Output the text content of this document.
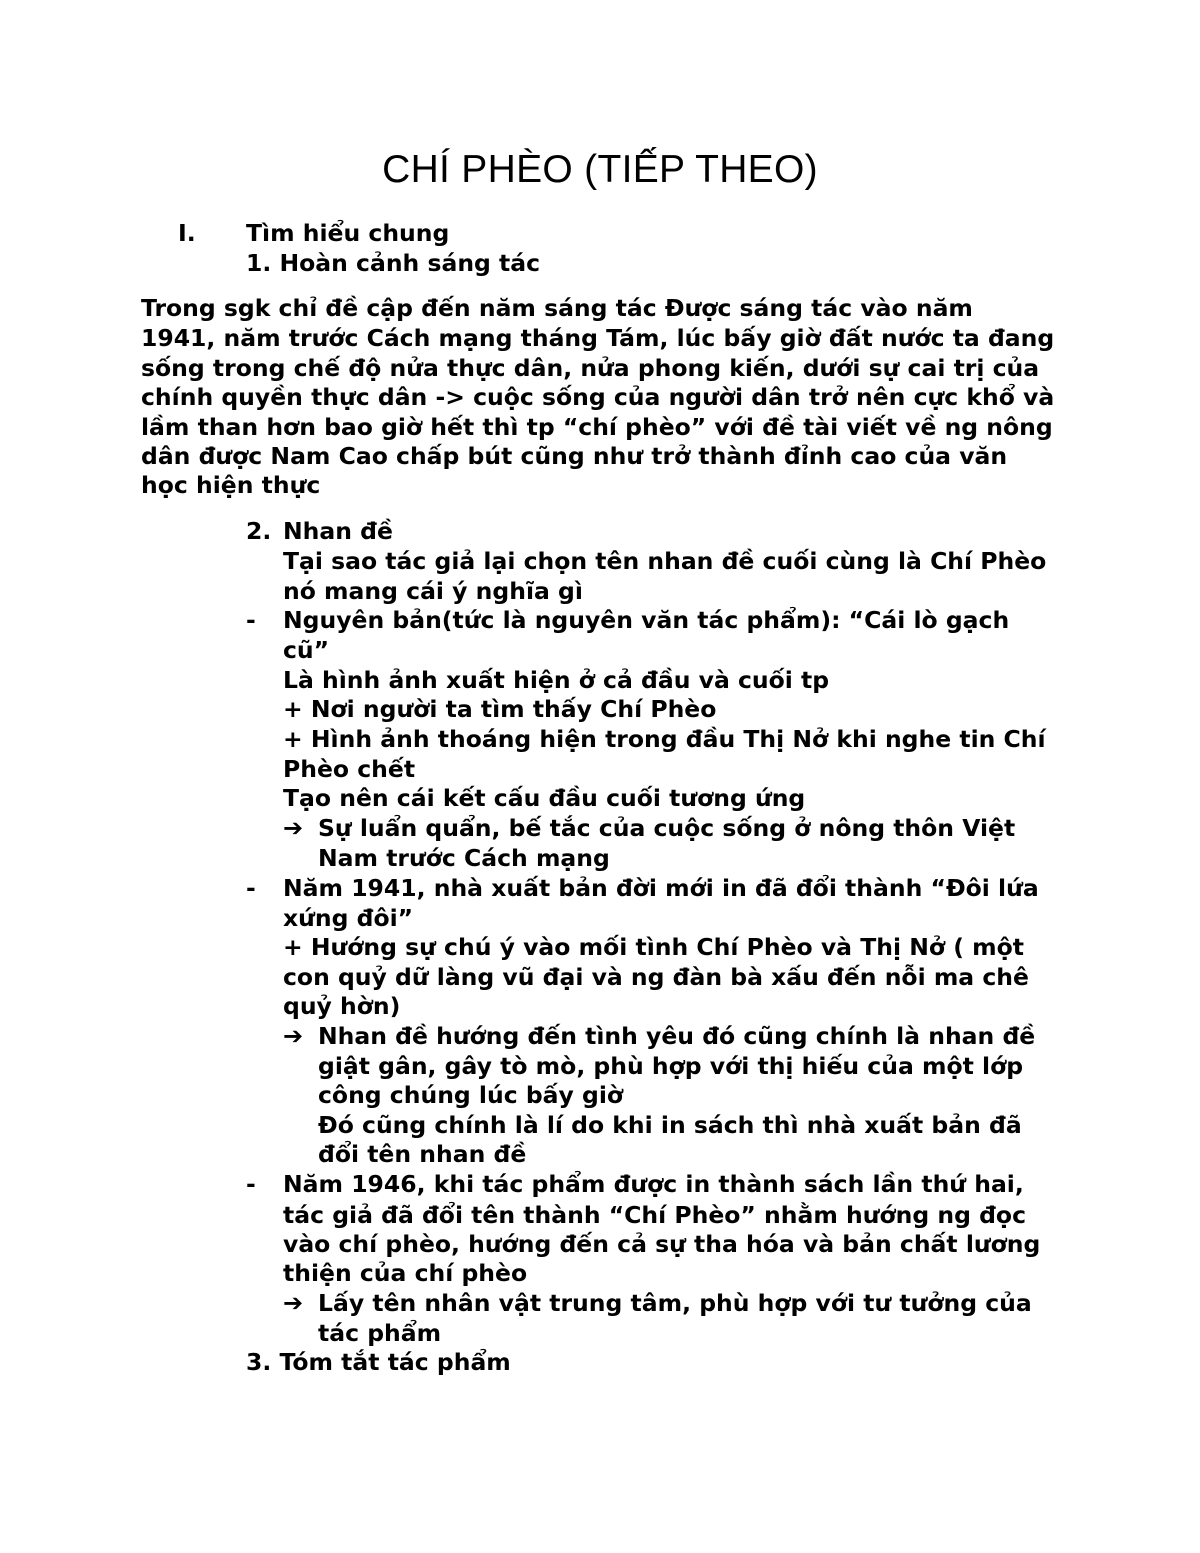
CHÍ PHÈO (TIẾP THEO)
I. Tìm hiểu chung
1. Hoàn cảnh sáng tác
Trong sgk chỉ đề cập đến năm sáng tác Được sáng tác vào năm
1941, năm trước Cách mạng tháng Tám, lúc bấy giờ đất nước ta đang
sống trong chế độ nửa thực dân, nửa phong kiến, dưới sự cai trị của
chính quyền thực dân -> cuộc sống của người dân trở nên cực khổ và
lầm than hơn bao giờ hết thì tp “chí phèo” với đề tài viết về ng nông
dân được Nam Cao chấp bút cũng như trở thành đỉnh cao của văn
học hiện thực
2. Nhan đề
Tại sao tác giả lại chọn tên nhan đề cuối cùng là Chí Phèo
nó mang cái ý nghĩa gì
- Nguyên bản(tức là nguyên văn tác phẩm): “Cái lò gạch
cũ”
Là hình ảnh xuất hiện ở cả đầu và cuối tp
+ Nơi người ta tìm thấy Chí Phèo
+ Hình ảnh thoáng hiện trong đầu Thị Nở khi nghe tin Chí
Phèo chết
Tạo nên cái kết cấu đầu cuối tương ứng
➔ Sự luẩn quẩn, bế tắc của cuộc sống ở nông thôn Việt
Nam trước Cách mạng
- Năm 1941, nhà xuất bản đời mới in đã đổi thành “Đôi lứa
xứng đôi”
+ Hướng sự chú ý vào mối tình Chí Phèo và Thị Nở ( một
con quỷ dữ làng vũ đại và ng đàn bà xấu đến nỗi ma chê
quỷ hờn)
➔ Nhan đề hướng đến tình yêu đó cũng chính là nhan đề
giật gân, gây tò mò, phù hợp với thị hiếu của một lớp
công chúng lúc bấy giờ
Đó cũng chính là lí do khi in sách thì nhà xuất bản đã
đổi tên nhan đề
- Năm 1946, khi tác phẩm được in thành sách lần thứ hai,
tác giả đã đổi tên thành “Chí Phèo” nhằm hướng ng đọc
vào chí phèo, hướng đến cả sự tha hóa và bản chất lương
thiện của chí phèo
➔ Lấy tên nhân vật trung tâm, phù hợp với tư tưởng của
tác phẩm
3. Tóm tắt tác phẩm
